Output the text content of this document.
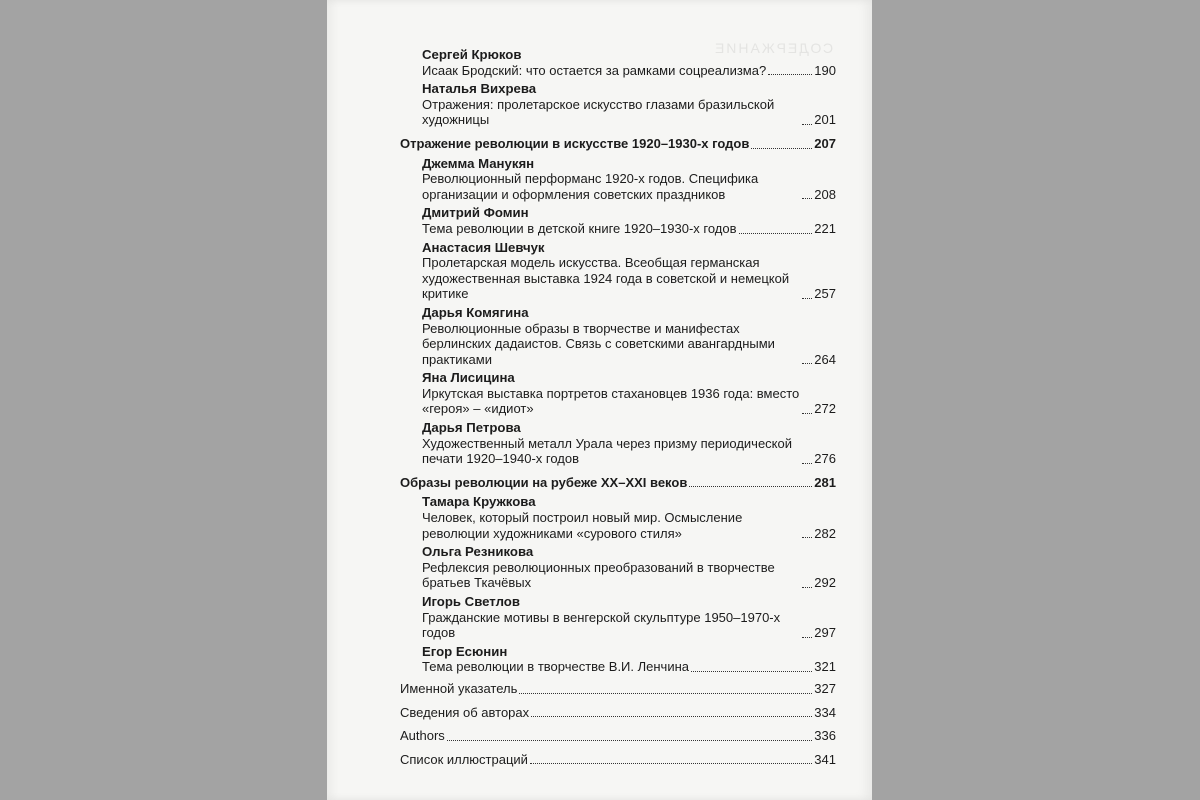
СОДЕРЖАНИЕ
Сергей Крюков
Исаак Бродский: что остается за рамками соцреализма?	190
Наталья Вихрева
Отражения: пролетарское искусство глазами бразильской художницы	201
Отражение революции в искусстве 1920–1930-х годов	207
Джемма Манукян
Революционный перформанс 1920-х годов. Специфика организации и оформления советских праздников	208
Дмитрий Фомин
Тема революции в детской книге 1920–1930-х годов	221
Анастасия Шевчук
Пролетарская модель искусства. Всеобщая германская художественная выставка 1924 года в советской и немецкой критике	257
Дарья Комягина
Революционные образы в творчестве и манифестах берлинских дадаистов. Связь с советскими авангардными практиками	264
Яна Лисицина
Иркутская выставка портретов стахановцев 1936 года: вместо «героя» – «идиот»	272
Дарья Петрова
Художественный металл Урала через призму периодической печати 1920–1940-х годов	276
Образы революции на рубеже XX–XXI веков	281
Тамара Кружкова
Человек, который построил новый мир. Осмысление революции художниками «сурового стиля»	282
Ольга Резникова
Рефлексия революционных преобразований в творчестве братьев Ткачёвых	292
Игорь Светлов
Гражданские мотивы в венгерской скульптуре 1950–1970-х годов	297
Егор Есюнин
Тема революции в творчестве В.И. Ленчина	321
Именной указатель	327
Сведения об авторах	334
Authors	336
Список иллюстраций	341
